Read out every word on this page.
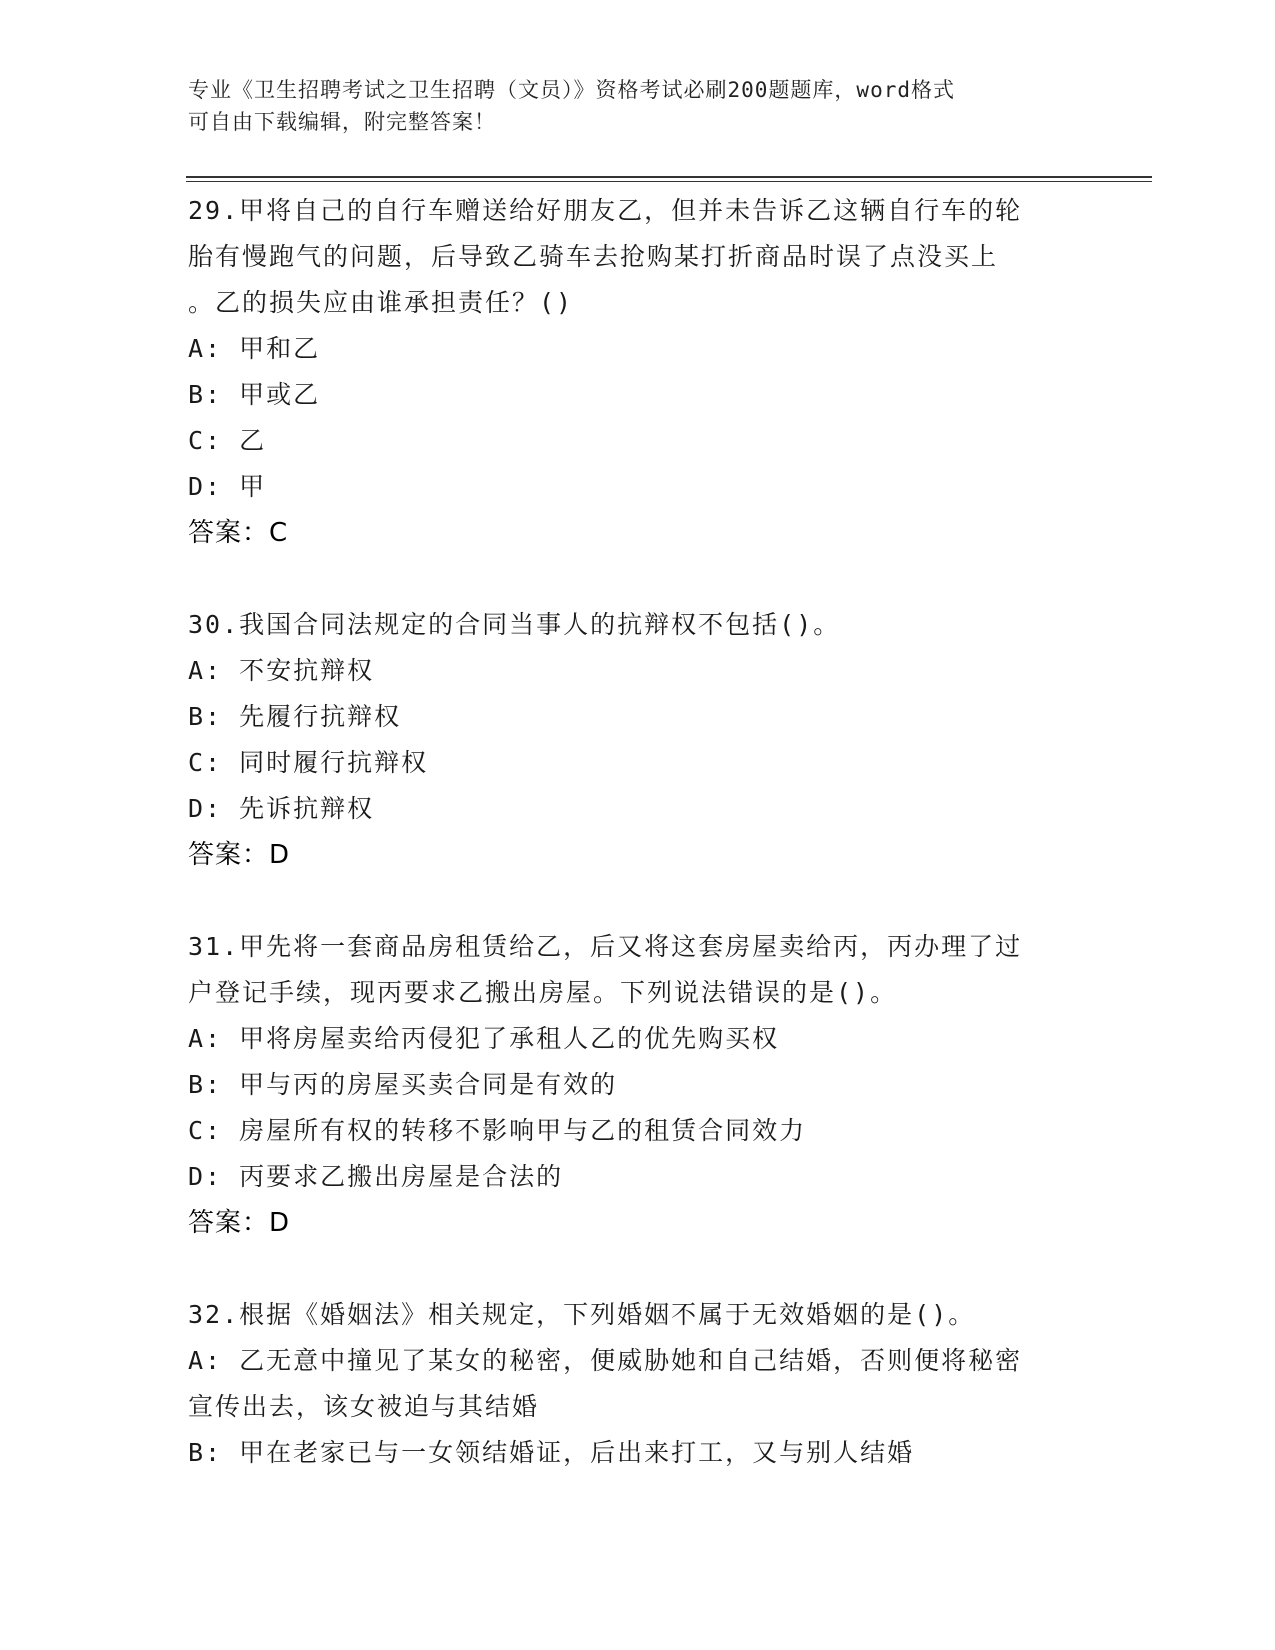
专业《卫生招聘考试之卫生招聘（文员）》资格考试必刷200题题库，word格式
可自由下载编辑，附完整答案！

29.甲将自己的自行车赠送给好朋友乙，但并未告诉乙这辆自行车的轮

胎有慢跑气的问题，后导致乙骑车去抢购某打折商品时误了点没买上

。乙的损失应由谁承担责任？()

A: 甲和乙

B: 甲或乙

C: 乙

D: 甲

答案：C

30.我国合同法规定的合同当事人的抗辩权不包括()。

A: 不安抗辩权

B: 先履行抗辩权

C: 同时履行抗辩权

D: 先诉抗辩权

答案：D

31.甲先将一套商品房租赁给乙，后又将这套房屋卖给丙，丙办理了过

户登记手续，现丙要求乙搬出房屋。下列说法错误的是()。

A: 甲将房屋卖给丙侵犯了承租人乙的优先购买权

B: 甲与丙的房屋买卖合同是有效的

C: 房屋所有权的转移不影响甲与乙的租赁合同效力

D: 丙要求乙搬出房屋是合法的

答案：D

32.根据《婚姻法》相关规定，下列婚姻不属于无效婚姻的是()。

A: 乙无意中撞见了某女的秘密，便威胁她和自己结婚，否则便将秘密

宣传出去，该女被迫与其结婚

B: 甲在老家已与一女领结婚证，后出来打工，又与别人结婚
